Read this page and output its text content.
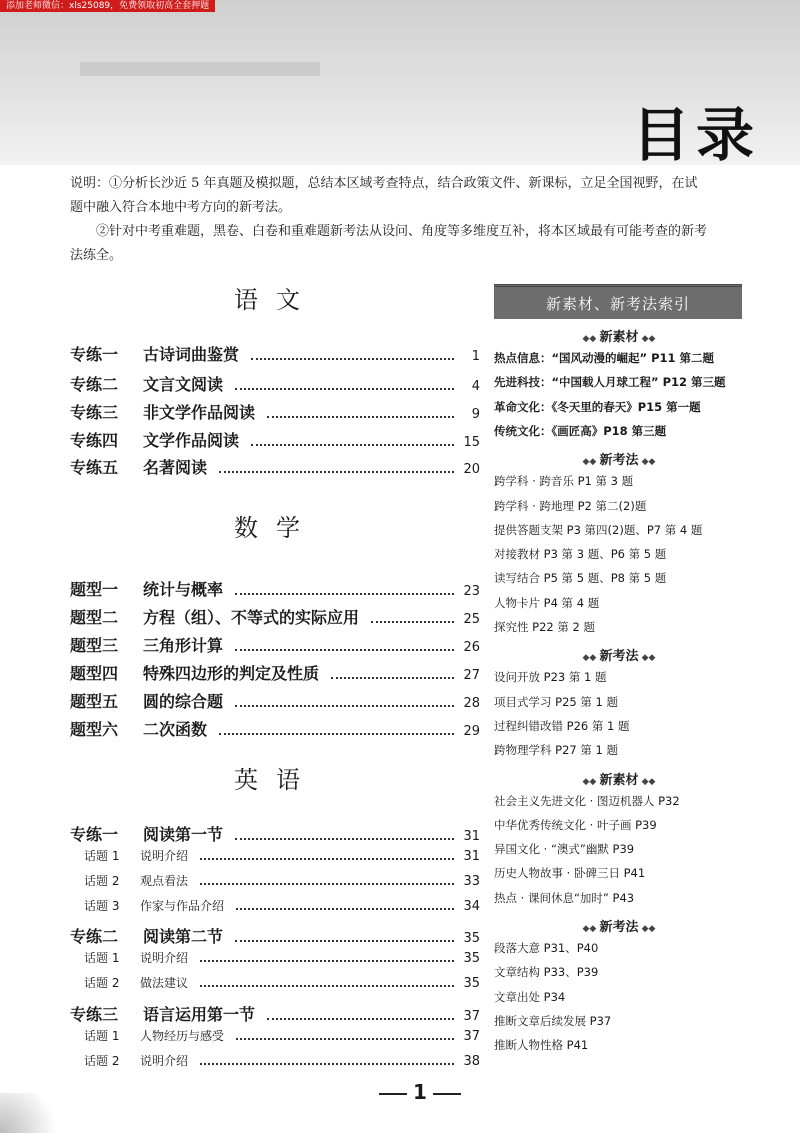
添加老师微信：xls25089，免费领取初高全套押题
目录

说明：①分析长沙近 5 年真题及模拟题，总结本区域考查特点，结合政策文件、新课标，立足全国视野，在试

题中融入符合本地中考方向的新考法。

②针对中考重难题，黑卷、白卷和重难题新考法从设问、角度等多维度互补，将本区域最有可能考查的新考

法练全。

语文
数学
英语
专练一	古诗词曲鉴赏	1
专练二	文言文阅读	4
专练三	非文学作品阅读	9
专练四	文学作品阅读	15
专练五	名著阅读	20
题型一	统计与概率	23
题型二	方程（组）、不等式的实际应用	25
题型三	三角形计算	26
题型四	特殊四边形的判定及性质	27
题型五	圆的综合题	28
题型六	二次函数	29
专练一	阅读第一节	31
话题 1	说明介绍	31
话题 2	观点看法	33
话题 3	作家与作品介绍	34
专练二	阅读第二节	35
话题 1	说明介绍	35
话题 2	做法建议	35
专练三	语言运用第一节	37
话题 1	人物经历与感受	37
话题 2	说明介绍	38
1
新素材、新考法索引
◆◆ 新素材 ◆◆
热点信息：“国风动漫的崛起” P11 第二题
先进科技：“中国载人月球工程” P12 第三题
革命文化：《冬天里的春天》P15 第一题
传统文化：《画匠高》P18 第三题
◆◆ 新考法 ◆◆
跨学科 · 跨音乐 P1 第 3 题
跨学科 · 跨地理 P2 第二(2)题
提供答题支架 P3 第四(2)题、P7 第 4 题
对接教材 P3 第 3 题、P6 第 5 题
读写结合 P5 第 5 题、P8 第 5 题
人物卡片 P4 第 4 题
探究性 P22 第 2 题
◆◆ 新考法 ◆◆
设问开放 P23 第 1 题
项目式学习 P25 第 1 题
过程纠错改错 P26 第 1 题
跨物理学科 P27 第 1 题
◆◆ 新素材 ◆◆
社会主义先进文化 · 图迈机器人 P32
中华优秀传统文化 · 叶子画 P39
异国文化 · “澳式”幽默 P39
历史人物故事 · 卧碑三日 P41
热点 · 课间休息“加时” P43
◆◆ 新考法 ◆◆
段落大意 P31、P40
文章结构 P33、P39
文章出处 P34
推断文章后续发展 P37
推断人物性格 P41
